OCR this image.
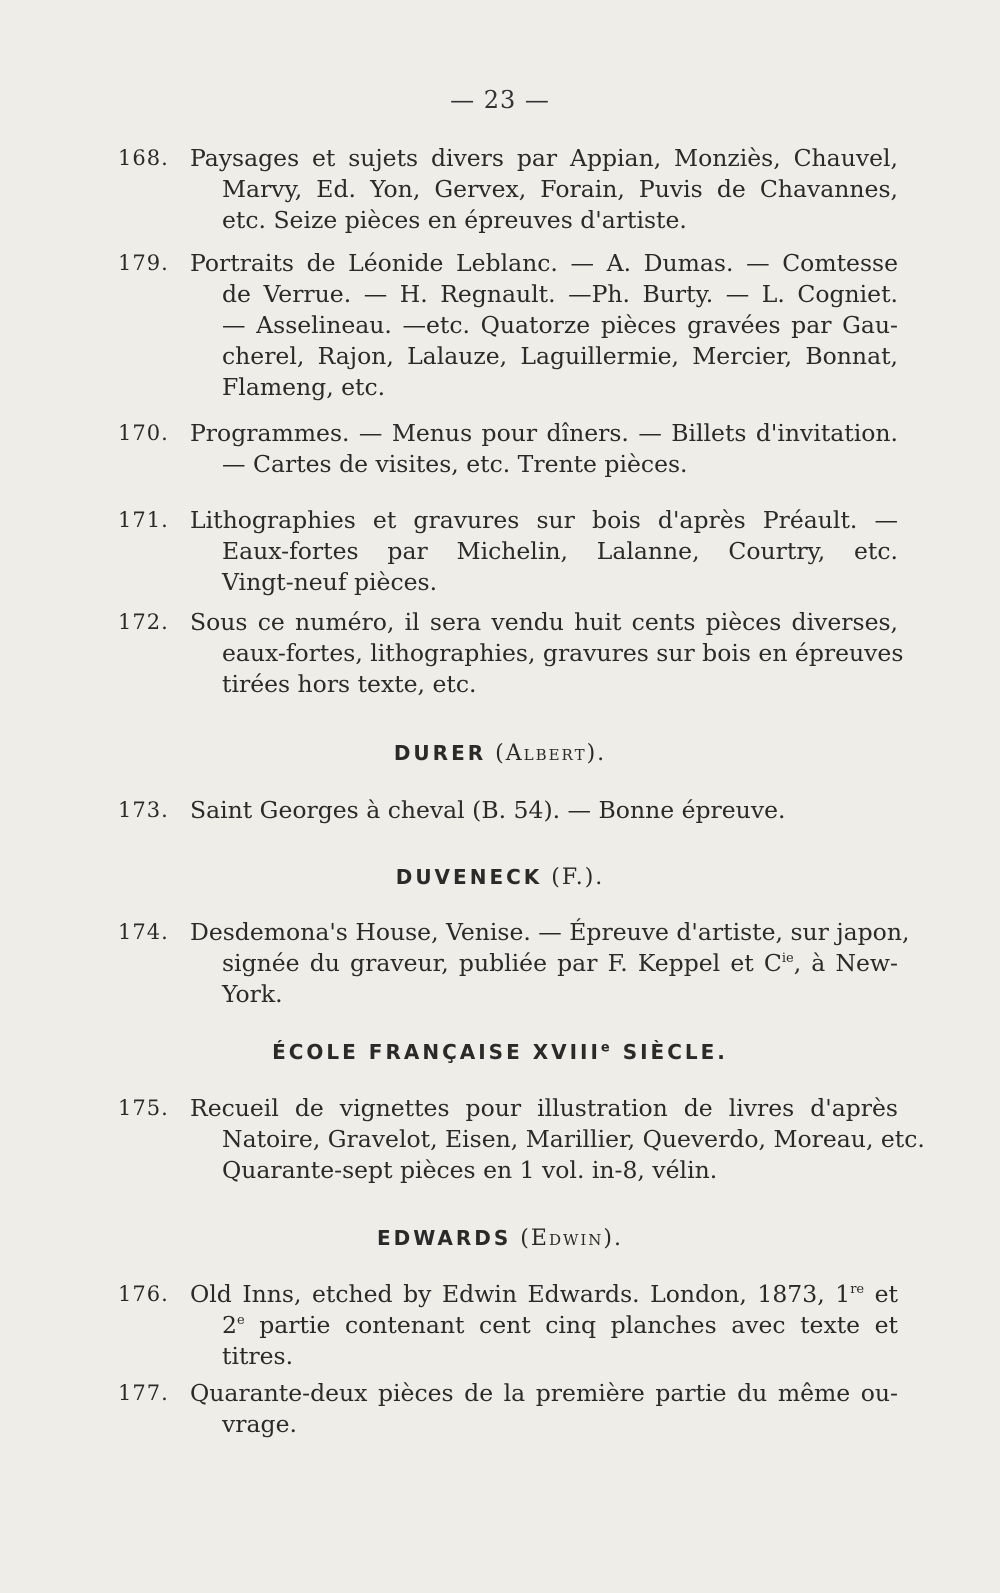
— 23 —
168. Paysages et sujets divers par Appian, Monziès, Chauvel,
Marvy, Ed. Yon, Gervex, Forain, Puvis de Chavannes,
etc. Seize pièces en épreuves d'artiste.
179. Portraits de Léonide Leblanc. — A. Dumas. — Comtesse
de Verrue. — H. Regnault. —Ph. Burty. — L. Cogniet.
— Asselineau. —etc. Quatorze pièces gravées par Gau-
cherel, Rajon, Lalauze, Laguillermie, Mercier, Bonnat,
Flameng, etc.
170. Programmes. — Menus pour dîners. — Billets d'invitation.
— Cartes de visites, etc. Trente pièces.
171. Lithographies et gravures sur bois d'après Préault. —
Eaux-fortes par Michelin, Lalanne, Courtry, etc.
Vingt-neuf pièces.
172. Sous ce numéro, il sera vendu huit cents pièces diverses,
eaux-fortes, lithographies, gravures sur bois en épreuves
tirées hors texte, etc.
DURER (Albert).
173. Saint Georges à cheval (B. 54). — Bonne épreuve.
DUVENECK (F.).
174. Desdemona's House, Venise. — Épreuve d'artiste, sur japon,
signée du graveur, publiée par F. Keppel et $C^{ie}$, à New-
York.
ÉCOLE FRANÇAISE XVIIIe SIÈCLE.
175. Recueil de vignettes pour illustration de livres d'après
Natoire, Gravelot, Eisen, Marillier, Queverdo, Moreau, etc.
Quarante-sept pièces en 1 vol. in-8, vélin.
EDWARDS (Edwin).
176. Old Inns, etched by Edwin Edwards. London, 1873, 1re et
2e partie contenant cent cinq planches avec texte et
titres.
177. Quarante-deux pièces de la première partie du même ou-
vrage.
